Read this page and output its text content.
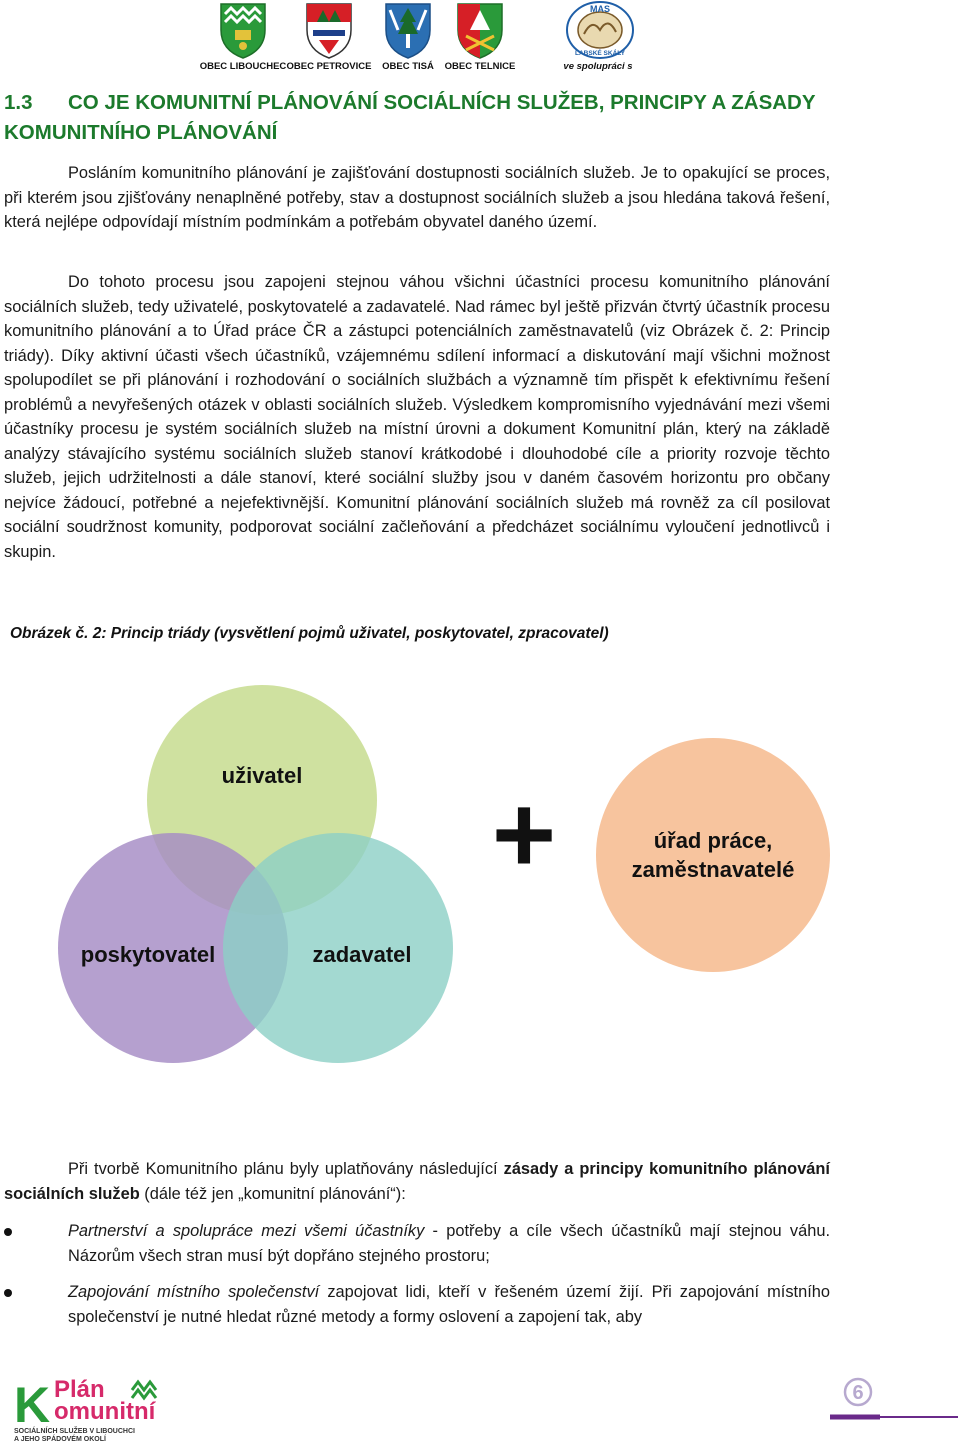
OBEC LIBOUCHEC OBEC PETROVICE	OBEC TISÁ	OBEC TELNICE
MAS
LABSKÉ SKÁLY
ve spolupráci s
1.3 CO JE KOMUNITNÍ PLÁNOVÁNÍ SOCIÁLNÍCH SLUŽEB, PRINCIPY A ZÁSADY KOMUNITNÍHO PLÁNOVÁNÍ
Posláním komunitního plánování je zajišťování dostupnosti sociálních služeb. Je to opakující se proces, při kterém jsou zjišťovány nenaplněné potřeby, stav a dostupnost sociálních služeb a jsou hledána taková řešení, která nejlépe odpovídají místním podmínkám a potřebám obyvatel daného území.
Do tohoto procesu jsou zapojeni stejnou váhou všichni účastníci procesu komunitního plánování sociálních služeb, tedy uživatelé, poskytovatelé a zadavatelé. Nad rámec byl ještě přizván čtvrtý účastník procesu komunitního plánování a to Úřad práce ČR a zástupci potenciálních zaměstnavatelů (viz Obrázek č. 2: Princip triády). Díky aktivní účasti všech účastníků, vzájemnému sdílení informací a diskutování mají všichni možnost spolupodílet se při plánování i rozhodování o sociálních službách a významně tím přispět k efektivnímu řešení problémů a nevyřešených otázek v oblasti sociálních služeb. Výsledkem kompromisního vyjednávání mezi všemi účastníky procesu je systém sociálních služeb na místní úrovni a dokument Komunitní plán, který na základě analýzy stávajícího systému sociálních služeb stanoví krátkodobé i dlouhodobé cíle a priority rozvoje těchto služeb, jejich udržitelnosti a dále stanoví, které sociální služby jsou v daném časovém horizontu pro občany nejvíce žádoucí, potřebné a nejefektivnější. Komunitní plánování sociálních služeb má rovněž za cíl posilovat sociální soudržnost komunity, podporovat sociální začleňování a předcházet sociálnímu vyloučení jednotlivců i skupin.
Obrázek č. 2: Princip triády (vysvětlení pojmů uživatel, poskytovatel, zpracovatel)
uživatel
poskytovatel	zadavatel
+	úřad práce,
zaměstnavatelé
Při tvorbě Komunitního plánu byly uplatňovány následující zásady a principy komunitního plánování sociálních služeb (dále též jen „komunitní plánování“):
Partnerství a spolupráce mezi všemi účastníky - potřeby a cíle všech účastníků mají stejnou váhu. Názorům všech stran musí být dopřáno stejného prostoru;
Zapojování místního společenství zapojovat lidi, kteří v řešeném území žijí. Při zapojování místního společenství je nutné hledat různé metody a formy oslovení a zapojení tak, aby
K Plán
omunitní
SOCIÁLNÍCH SLUŽEB V LIBOUCHCI
A JEHO SPÁDOVÉM OKOLÍ
6
